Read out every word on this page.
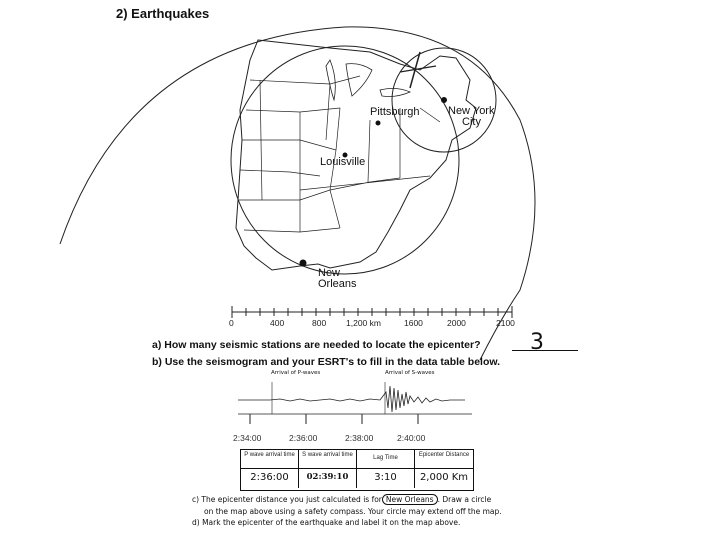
2) Earthquakes
Pittsburgh	New York
City
Louisville
New
Orleans
0	400	800 1,200 km	1600	2000	2100
a) How many seismic stations are needed to locate the epicenter? 3
b) Use the seismogram and your ESRT's to fill in the data table below.
Arrival of P-waves	Arrival of S-waves
2:34:00	2:36:00	2:38:00	2:40:00
P wave arrival time	S wave arrival time	Lag Time	Epicenter Distance
2:36:00	02:39:10	3:10	2,000 Km
c) The epicenter distance you just calculated is for New Orleans . Draw a circle
on the map above using a safety compass. Your circle may extend off the map.
d) Mark the epicenter of the earthquake and label it on the map above.
